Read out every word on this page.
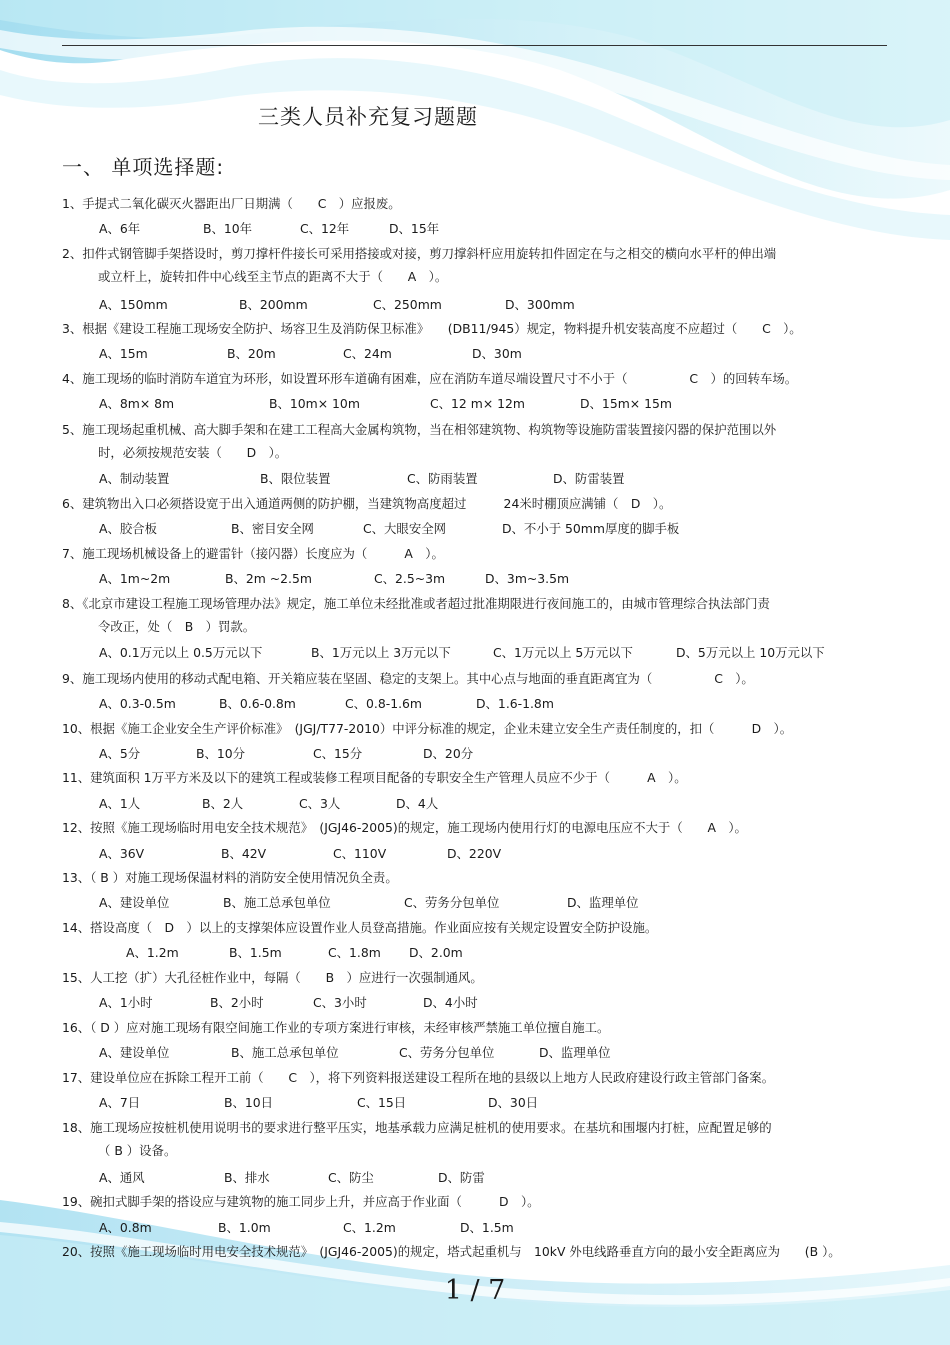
三类人员补充复习题题
一、 单项选择题:
1、手提式二氧化碳灭火器距出厂日期满（　　C　）应报废。
A、6年	B、10年	C、12年	D、15年
2、扣件式钢管脚手架搭设时，剪刀撑杆件接长可采用搭接或对接，剪刀撑斜杆应用旋转扣件固定在与之相交的横向水平杆的伸出端
或立杆上，旋转扣件中心线至主节点的距离不大于（　　A　）。
A、150mm	B、200mm	C、250mm	D、300mm
3、根据《建设工程施工现场安全防护、场容卫生及消防保卫标准》　　(DB11/945）规定，物料提升机安装高度不应超过（　　C　）。
A、15m	B、20m	C、24m	D、30m
4、施工现场的临时消防车道宜为环形，如设置环形车道确有困难，应在消防车道尽端设置尺寸不小于（　　　　　C　）的回转车场。
A、8m× 8m	B、10m× 10m	C、12 m× 12m	D、15m× 15m
5、施工现场起重机械、高大脚手架和在建工工程高大金属构筑物，当在相邻建筑物、构筑物等设施防雷装置接闪器的保护范围以外
时，必须按规范安装（　　D　）。
A、制动装置	B、限位装置	C、防雨装置	D、防雷装置
6、建筑物出入口必须搭设宽于出入通道两侧的防护棚，当建筑物高度超过　　　24米时棚顶应满铺（　D　）。
A、胶合板	B、密目安全网	C、大眼安全网	D、不小于 50mm厚度的脚手板
7、施工现场机械设备上的避雷针（接闪器）长度应为（　　　A　）。
A、1m~2m	B、2m ~2.5m	C、2.5~3m	D、3m~3.5m
8、《北京市建设工程施工现场管理办法》规定，施工单位未经批准或者超过批准期限进行夜间施工的，由城市管理综合执法部门责
令改正，处（　B　）罚款。
A、0.1万元以上 0.5万元以下	B、1万元以上 3万元以下	C、1万元以上 5万元以下	D、5万元以上 10万元以下
9、施工现场内使用的移动式配电箱、开关箱应装在坚固、稳定的支架上。其中心点与地面的垂直距离宜为（　　　　　C　）。
A、0.3-0.5m	B、0.6-0.8m	C、0.8-1.6m	D、1.6-1.8m
10、根据《施工企业安全生产评价标准》　(JGJ/T77-2010）中评分标准的规定，企业未建立安全生产责任制度的，扣（　　　D　）。
A、5分	B、10分	C、15分	D、20分
11、建筑面积 1万平方米及以下的建筑工程或装修工程项目配备的专职安全生产管理人员应不少于（　　　A　）。
A、1人	B、2人	C、3人	D、4人
12、按照《施工现场临时用电安全技术规范》　(JGJ46-2005)的规定，施工现场内使用行灯的电源电压应不大于（　　A　）。
A、36V	B、42V	C、110V	D、220V
13、（ B ）对施工现场保温材料的消防安全使用情况负全责。
A、建设单位	B、施工总承包单位	C、劳务分包单位	D、监理单位
14、搭设高度（　D　）以上的支撑架体应设置作业人员登高措施。作业面应按有关规定设置安全防护设施。
A、1.2m	B、1.5m	C、1.8m D、2.0m
15、人工挖（扩）大孔径桩作业中，每隔（　　B　）应进行一次强制通风。
A、1小时	B、2小时	C、3小时	D、4小时
16、（ D ）应对施工现场有限空间施工作业的专项方案进行审核，未经审核严禁施工单位擅自施工。
A、建设单位	B、施工总承包单位	C、劳务分包单位	D、监理单位
17、建设单位应在拆除工程开工前（　　C　），将下列资料报送建设工程所在地的县级以上地方人民政府建设行政主管部门备案。
A、7日	B、10日	C、15日	D、30日
18、施工现场应按桩机使用说明书的要求进行整平压实，地基承载力应满足桩机的使用要求。在基坑和围堰内打桩，应配置足够的
（ B ）设备。
A、通风	B、排水	C、防尘	D、防雷
19、碗扣式脚手架的搭设应与建筑物的施工同步上升，并应高于作业面（　　　D　）。
A、0.8m	B、1.0m	C、1.2m	D、1.5m
20、按照《施工现场临时用电安全技术规范》　(JGJ46-2005)的规定，塔式起重机与　10kV 外电线路垂直方向的最小安全距离应为　　(B ）。
1 / 7
